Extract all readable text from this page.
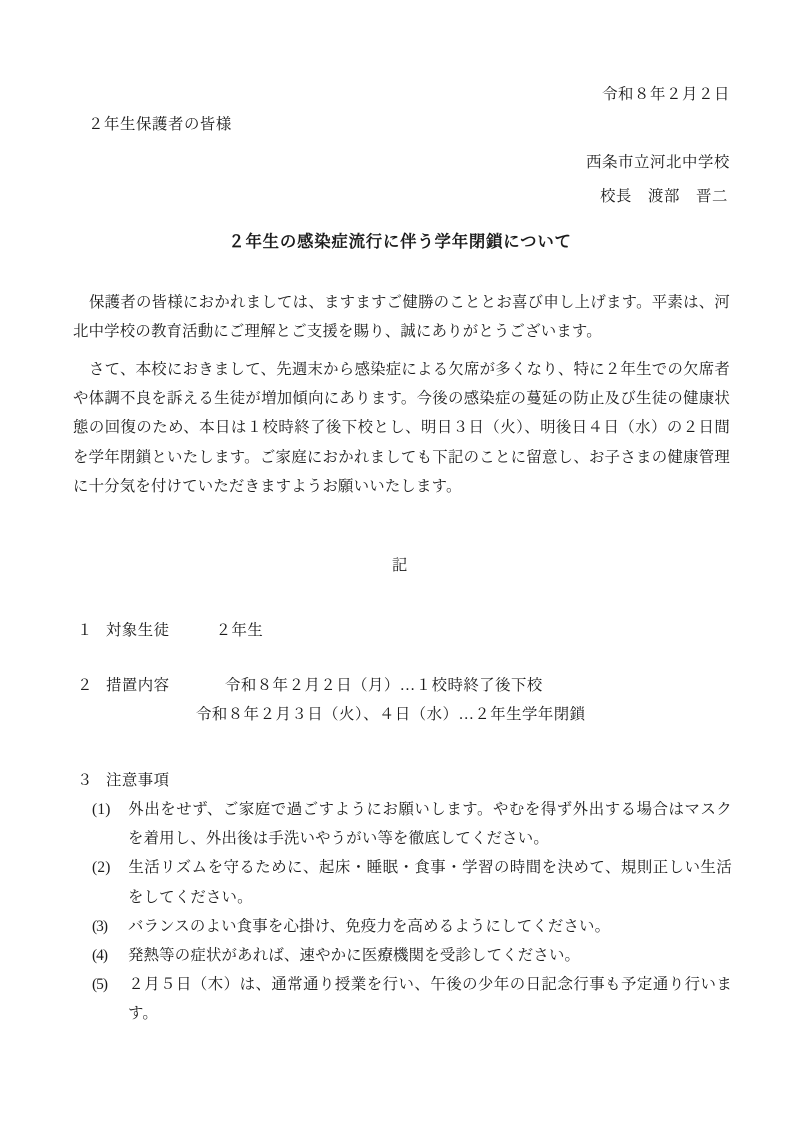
令和８年２月２日
２年生保護者の皆様
西条市立河北中学校
校長　渡部　晋二
２年生の感染症流行に伴う学年閉鎖について

保護者の皆様におかれましては、ますますご健勝のこととお喜び申し上げます。平素は、河北中学校の教育活動にご理解とご支援を賜り、誠にありがとうございます。

さて、本校におきまして、先週末から感染症による欠席が多くなり、特に２年生での欠席者や体調不良を訴える生徒が増加傾向にあります。今後の感染症の蔓延の防止及び生徒の健康状態の回復のため、本日は１校時終了後下校とし、明日３日（火）、明後日４日（水）の２日間を学年閉鎖といたします。ご家庭におかれましても下記のことに留意し、お子さまの健康管理に十分気を付けていただきますようお願いいたします。

記
１ 対象生徒	２年生
２ 措置内容	令和８年２月２日（月）…１校時終了後下校
令和８年２月３日（火）、４日（水）…２年生学年閉鎖
３ 注意事項
(1) 外出をせず、ご家庭で過ごすようにお願いします。やむを得ず外出する場合はマスクを着用し、外出後は手洗いやうがい等を徹底してください。
(2) 生活リズムを守るために、起床・睡眠・食事・学習の時間を決めて、規則正しい生活をしてください。
(3) バランスのよい食事を心掛け、免疫力を高めるようにしてください。
(4) 発熱等の症状があれば、速やかに医療機関を受診してください。
(5) ２月５日（木）は、通常通り授業を行い、午後の少年の日記念行事も予定通り行います。
